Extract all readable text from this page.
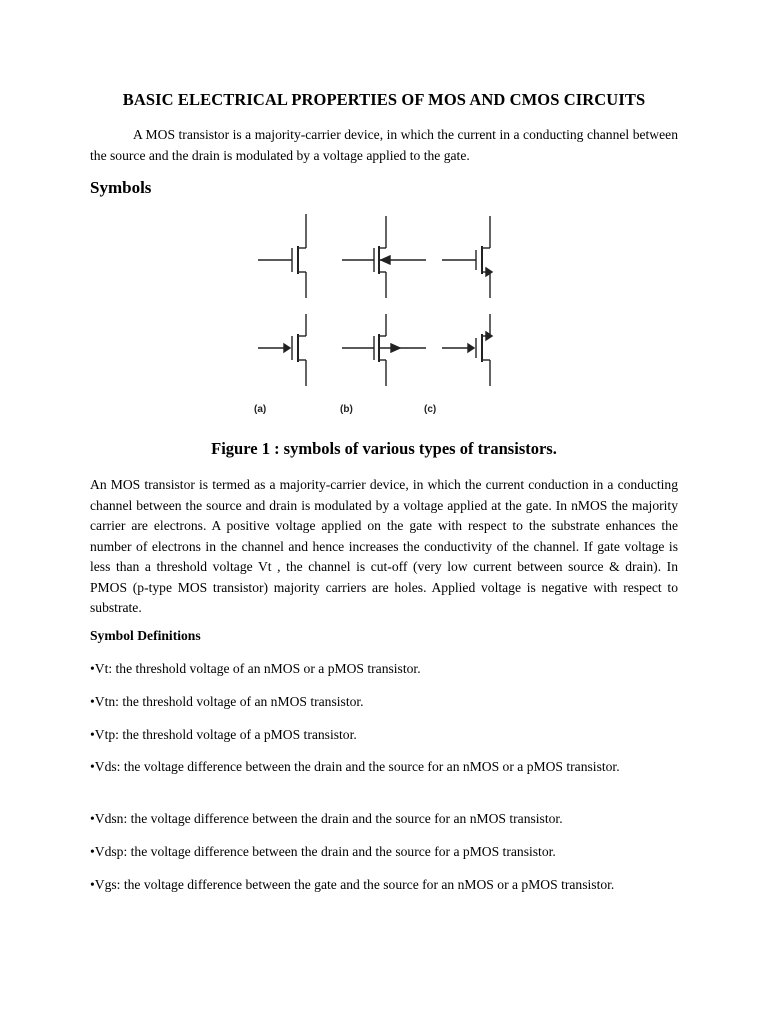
BASIC ELECTRICAL PROPERTIES OF MOS AND CMOS CIRCUITS

A MOS transistor is a majority-carrier device, in which the current in a conducting channel between the source and the drain is modulated by a voltage applied to the gate.

Symbols
(a)	(b)	(c)
Figure 1 : symbols of various types of transistors.

An MOS transistor is termed as a majority-carrier device, in which the current conduction in a conducting channel between the source and drain is modulated by a voltage applied at the gate. In nMOS the majority carrier are electrons. A positive voltage applied on the gate with respect to the substrate enhances the number of electrons in the channel and hence increases the conductivity of the channel. If gate voltage is less than a threshold voltage Vt , the channel is cut-off (very low current between source & drain). In PMOS (p-type MOS transistor) majority carriers are holes. Applied voltage is negative with respect to substrate.

Symbol Definitions

•Vt: the threshold voltage of an nMOS or a pMOS transistor.

•Vtn: the threshold voltage of an nMOS transistor.

•Vtp: the threshold voltage of a pMOS transistor.

•Vds: the voltage difference between the drain and the source for an nMOS or a pMOS transistor.

•Vdsn: the voltage difference between the drain and the source for an nMOS transistor.

•Vdsp: the voltage difference between the drain and the source for a pMOS transistor.

•Vgs: the voltage difference between the gate and the source for an nMOS or a pMOS transistor.
